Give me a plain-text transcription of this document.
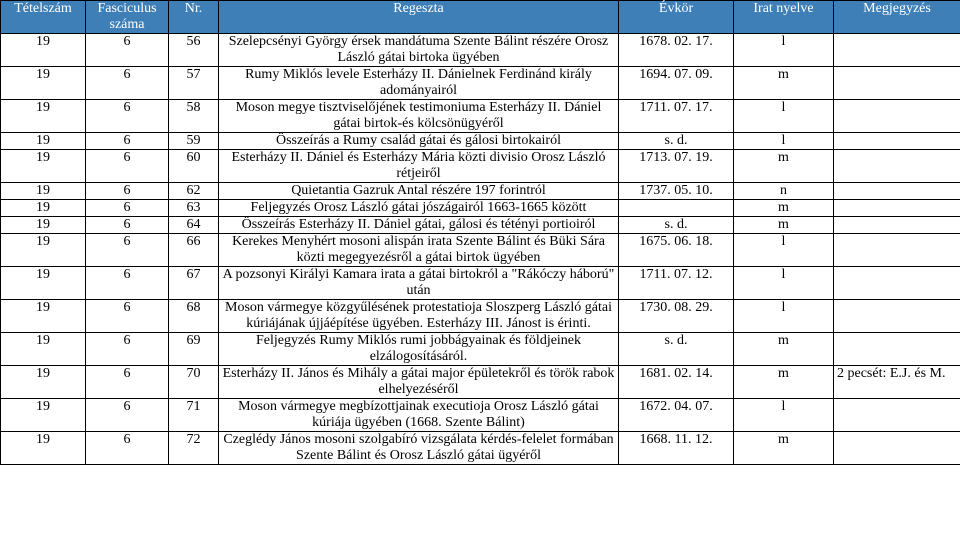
Tételszám	Fasciculus száma	Nr.	Regeszta	Évkör	Irat nyelve	Megjegyzés
19	6	56	Szelepcsényi György érsek mandátuma Szente Bálint részére Orosz László gátai birtoka ügyében	1678. 02. 17.	l	
19	6	57	Rumy Miklós levele Esterházy II. Dánielnek Ferdinánd király adományairól	1694. 07. 09.	m	
19	6	58	Moson megye tisztviselőjének testimoniuma Esterházy II. Dániel gátai birtok-és kölcsönügyéről	1711. 07. 17.	l	
19	6	59	Összeírás a Rumy család gátai és gálosi birtokairól	s. d.	l	
19	6	60	Esterházy II. Dániel és Esterházy Mária közti divisio Orosz László rétjeiről	1713. 07. 19.	m	
19	6	62	Quietantia Gazruk Antal részére 197 forintról	1737. 05. 10.	n	
19	6	63	Feljegyzés Orosz László gátai jószágairól 1663-1665 között		m	
19	6	64	Összeírás Esterházy II. Dániel gátai, gálosi és tétényi portioiról	s. d.	m	
19	6	66	Kerekes Menyhért mosoni alispán irata Szente Bálint és Büki Sára közti megegyezésről a gátai birtok ügyében	1675. 06. 18.	l	
19	6	67	A pozsonyi Királyi Kamara irata a gátai birtokról a "Rákóczy háború" után	1711. 07. 12.	l	
19	6	68	Moson vármegye közgyűlésének protestatioja Sloszperg László gátai kúriájának újjáépítése ügyében. Esterházy III. Jánost is érinti.	1730. 08. 29.	l	
19	6	69	Feljegyzés Rumy Miklós rumi jobbágyainak és földjeinek elzálogosításáról.	s. d.	m	
19	6	70	Esterházy II. János és Mihály a gátai major épületekről és török rabok elhelyezéséről	1681. 02. 14.	m	2 pecsét: E.J. és M.
19	6	71	Moson vármegye megbízottjainak executioja Orosz László gátai kúriája ügyében (1668. Szente Bálint)	1672. 04. 07.	l	
19	6	72	Czeglédy János mosoni szolgabíró vizsgálata kérdés-felelet formában Szente Bálint és Orosz László gátai ügyéről	1668. 11. 12.	m	
